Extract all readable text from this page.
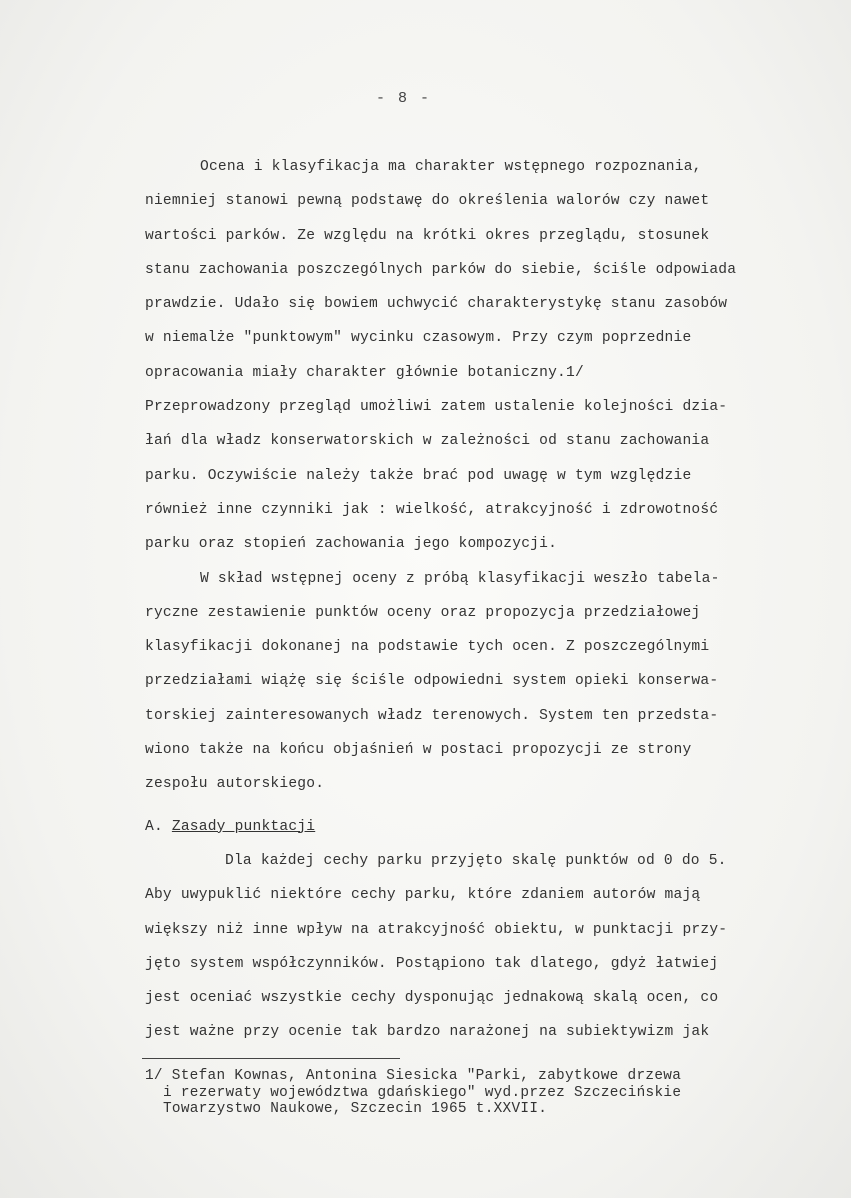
- 8 -
Ocena i klasyfikacja ma charakter wstępnego rozpoznania,
niemniej stanowi pewną podstawę do określenia walorów czy nawet
wartości parków. Ze względu na krótki okres przeglądu, stosunek
stanu zachowania poszczególnych parków do siebie, ściśle odpowiada
prawdzie. Udało się bowiem uchwycić charakterystykę stanu zasobów
w niemalże "punktowym" wycinku czasowym. Przy czym poprzednie
opracowania miały charakter głównie botaniczny.1/
Przeprowadzony przegląd umożliwi zatem ustalenie kolejności dzia-
łań dla władz konserwatorskich w zależności od stanu zachowania
parku. Oczywiście należy także brać pod uwagę w tym względzie
również inne czynniki jak : wielkość, atrakcyjność i zdrowotność
parku oraz stopień zachowania jego kompozycji.
W skład wstępnej oceny z próbą klasyfikacji weszło tabela-
ryczne zestawienie punktów oceny oraz propozycja przedziałowej
klasyfikacji dokonanej na podstawie tych ocen. Z poszczególnymi
przedziałami wiążę się ściśle odpowiedni system opieki konserwa-
torskiej zainteresowanych władz terenowych. System ten przedsta-
wiono także na końcu objaśnień w postaci propozycji ze strony
zespołu autorskiego.
A. Zasady punktacji
Dla każdej cechy parku przyjęto skalę punktów od 0 do 5.
Aby uwypuklić niektóre cechy parku, które zdaniem autorów mają
większy niż inne wpływ na atrakcyjność obiektu, w punktacji przy-
jęto system współczynników. Postąpiono tak dlatego, gdyż łatwiej
jest oceniać wszystkie cechy dysponując jednakową skalą ocen, co
jest ważne przy ocenie tak bardzo narażonej na subiektywizm jak
1/ Stefan Kownas, Antonina Siesicka "Parki, zabytkowe drzewa
i rezerwaty województwa gdańskiego" wyd.przez Szczecińskie
Towarzystwo Naukowe, Szczecin 1965 t.XXVII.
